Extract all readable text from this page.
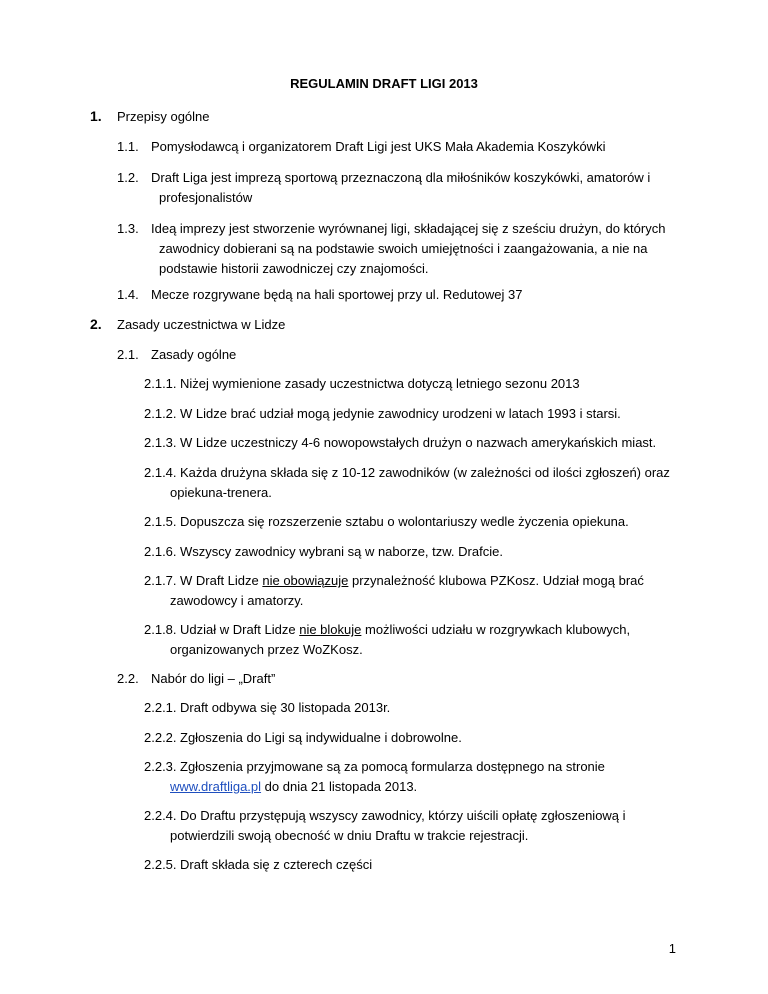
REGULAMIN DRAFT LIGI 2013
1. Przepisy ogólne
1.1. Pomysłodawcą i organizatorem Draft Ligi jest UKS Mała Akademia Koszykówki
1.2. Draft Liga jest imprezą sportową przeznaczoną dla miłośników koszykówki, amatorów i
profesjonalistów
1.3. Ideą imprezy jest stworzenie wyrównanej ligi, składającej się z sześciu drużyn, do których
zawodnicy dobierani są na podstawie swoich umiejętności i zaangażowania, a nie na
podstawie historii zawodniczej czy znajomości.
1.4. Mecze rozgrywane będą na hali sportowej przy ul. Redutowej 37
2. Zasady uczestnictwa w Lidze
2.1. Zasady ogólne
2.1.1. Niżej wymienione zasady uczestnictwa dotyczą letniego sezonu 2013
2.1.2. W Lidze brać udział mogą jedynie zawodnicy urodzeni w latach 1993 i starsi.
2.1.3. W Lidze uczestniczy 4-6 nowopowstałych drużyn o nazwach amerykańskich miast.
2.1.4. Każda drużyna składa się z 10-12 zawodników (w zależności od ilości zgłoszeń) oraz
opiekuna-trenera.
2.1.5. Dopuszcza się rozszerzenie sztabu o wolontariuszy wedle życzenia opiekuna.
2.1.6. Wszyscy zawodnicy wybrani są w naborze, tzw. Drafcie.
2.1.7. W Draft Lidze nie obowiązuje przynależność klubowa PZKosz. Udział mogą brać
zawodowcy i amatorzy.
2.1.8. Udział w Draft Lidze nie blokuje możliwości udziału w rozgrywkach klubowych,
organizowanych przez WoZKosz.
2.2. Nabór do ligi – „Draft”
2.2.1. Draft odbywa się 30 listopada 2013r.
2.2.2. Zgłoszenia do Ligi są indywidualne i dobrowolne.
2.2.3. Zgłoszenia przyjmowane są za pomocą formularza dostępnego na stronie
www.draftliga.pl do dnia 21 listopada 2013.
2.2.4. Do Draftu przystępują wszyscy zawodnicy, którzy uiścili opłatę zgłoszeniową i
potwierdzili swoją obecność w dniu Draftu w trakcie rejestracji.
2.2.5. Draft składa się z czterech części
1
